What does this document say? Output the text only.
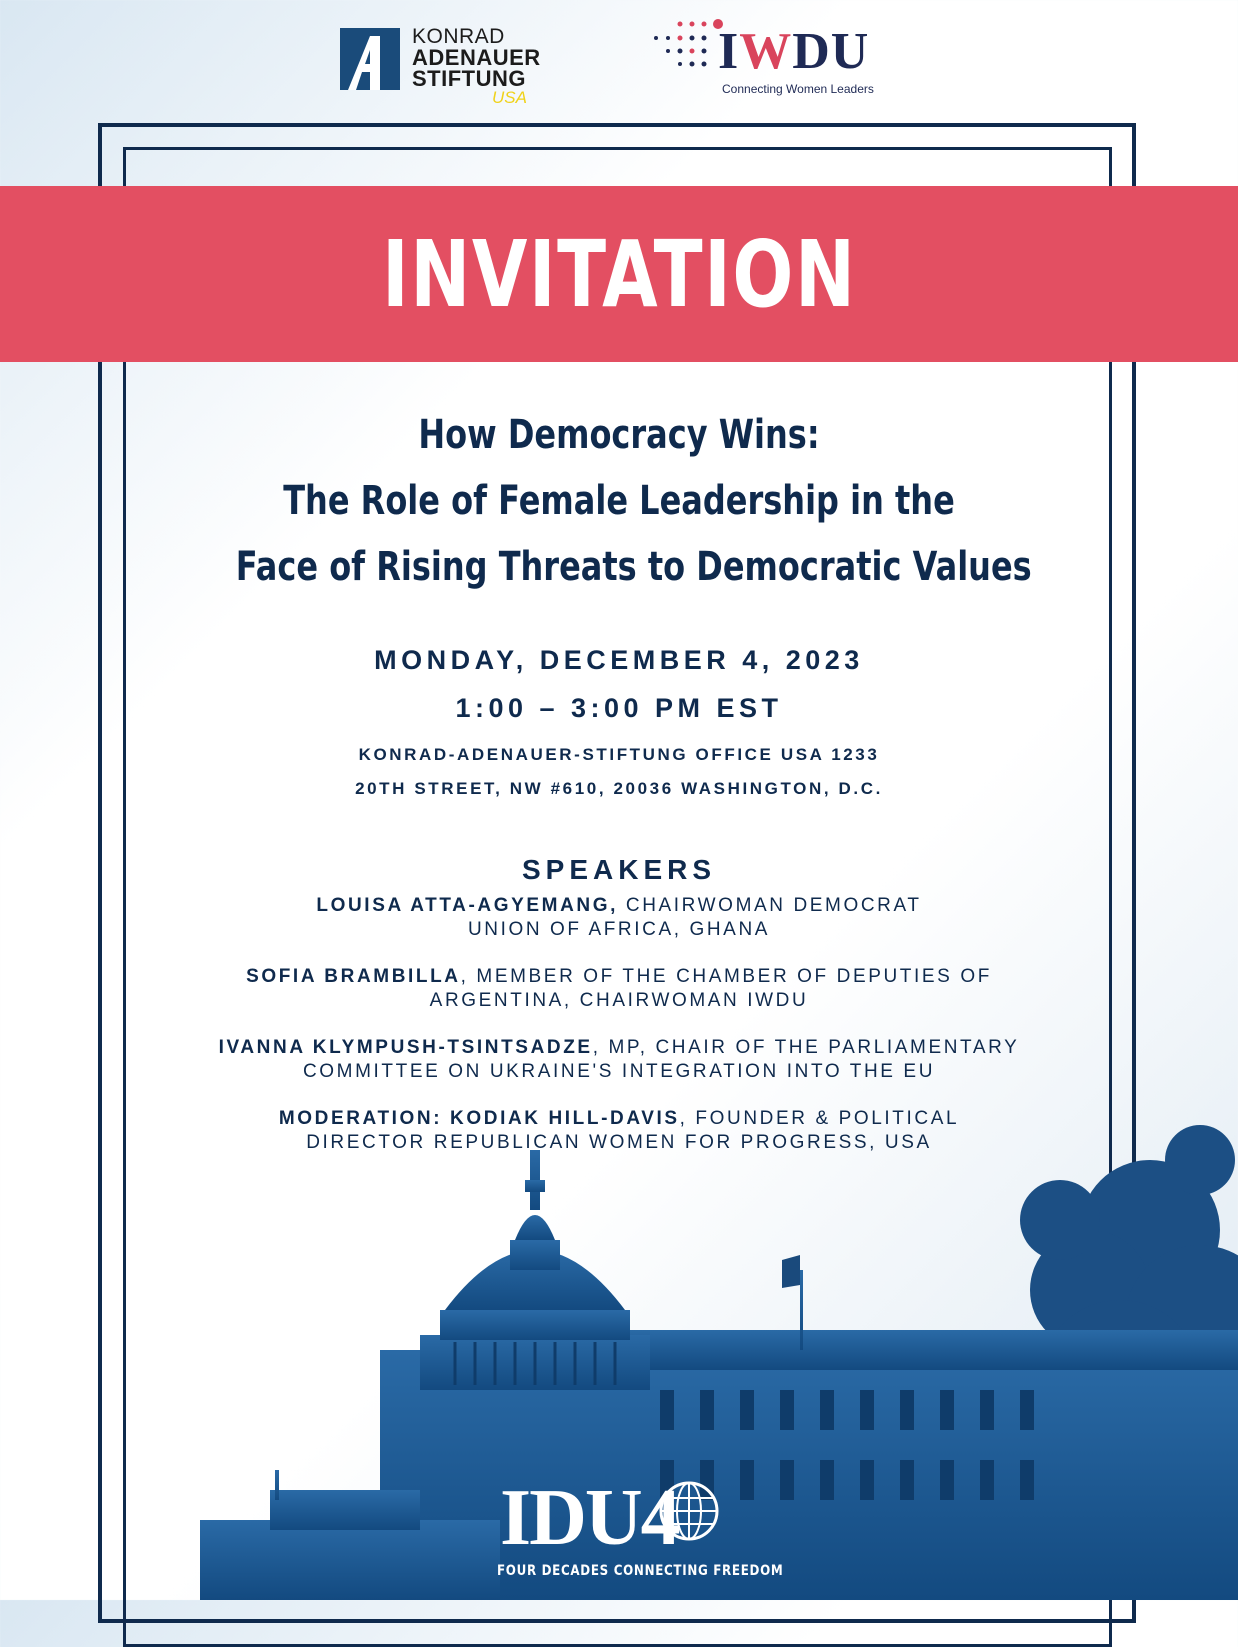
KONRAD
ADENAUER
STIFTUNG
USA
IWDU
Connecting Women Leaders
INVITATION
How Democracy Wins:
The Role of Female Leadership in the
Face of Rising Threats to Democratic Values
MONDAY, DECEMBER 4, 2023
1:00 – 3:00 PM EST
KONRAD-ADENAUER-STIFTUNG OFFICE USA 1233
20TH STREET, NW #610, 20036 WASHINGTON, D.C.
SPEAKERS
LOUISA ATTA-AGYEMANG, CHAIRWOMAN DEMOCRAT
UNION OF AFRICA, GHANA
SOFIA BRAMBILLA, MEMBER OF THE CHAMBER OF DEPUTIES OF
ARGENTINA, CHAIRWOMAN IWDU
IVANNA KLYMPUSH-TSINTSADZE, MP, CHAIR OF THE PARLIAMENTARY
COMMITTEE ON UKRAINE'S INTEGRATION INTO THE EU
MODERATION: KODIAK HILL-DAVIS, FOUNDER & POLITICAL
DIRECTOR REPUBLICAN WOMEN FOR PROGRESS, USA
IDU4
FOUR DECADES CONNECTING FREEDOM
